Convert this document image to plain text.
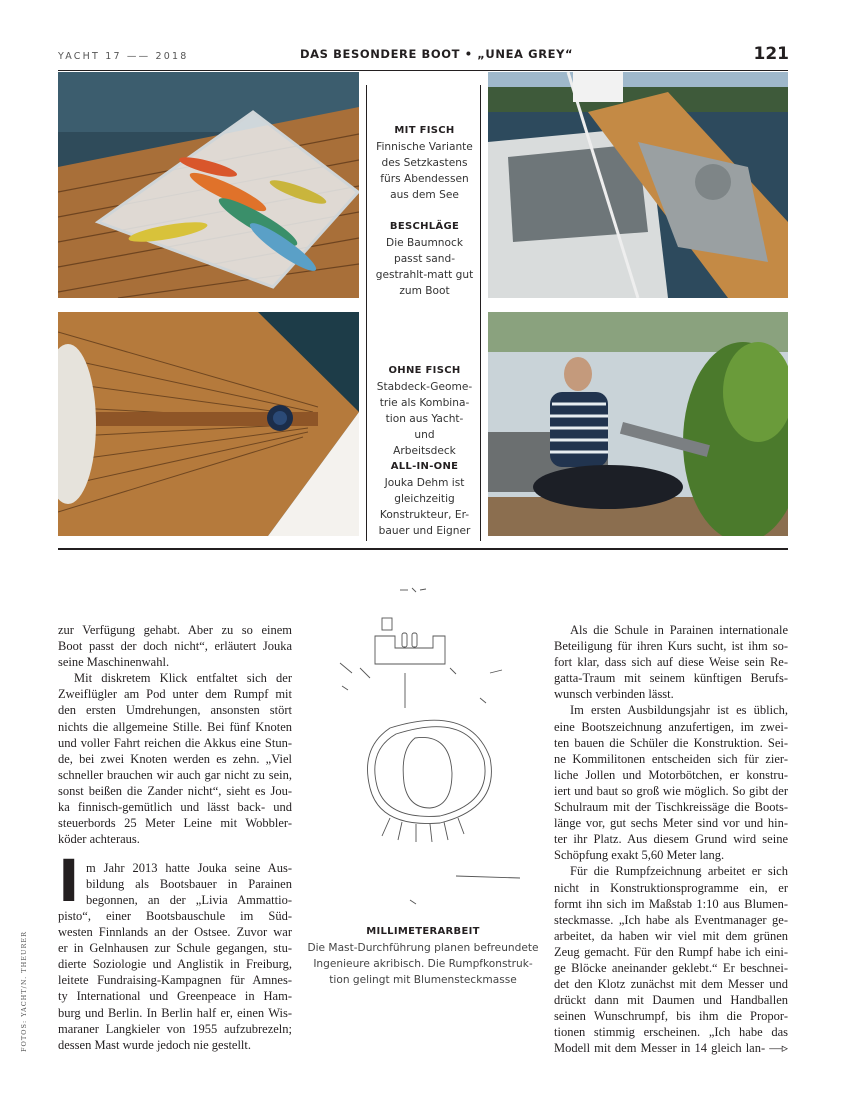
YACHT 17 —— 2018	DAS BESONDERE BOOT • „UNEA GREY“	121
MIT FISCH
Finnische Variante
des Setzkastens
fürs Abendessen
aus dem See
BESCHLÄGE
Die Baumnock
passt sand-
gestrahlt-matt gut
zum Boot
OHNE FISCH
Stabdeck-Geome-
trie als Kombina-
tion aus Yacht- und
Arbeitsdeck
ALL-IN-ONE
Jouka Dehm ist
gleichzeitig
Konstrukteur, Er-
bauer und Eigner

zur Verfügung gehabt. Aber zu so einem

Boot passt der doch nicht“, erläutert Jouka

seine Maschinenwahl.

Mit diskretem Klick entfaltet sich der

Zweiflügler am Pod unter dem Rumpf mit

den ersten Umdrehungen, ansonsten stört

nichts die allgemeine Stille. Bei fünf Knoten

und voller Fahrt reichen die Akkus eine Stun-

de, bei zwei Knoten werden es zehn. „Viel

schneller brauchen wir auch gar nicht zu sein,

sonst beißen die Zander nicht“, sieht es Jou-

ka finnisch-gemütlich und lässt back- und

steuerbords 25 Meter Leine mit Wobbler-

köder achteraus.

I m Jahr 2013 hatte Jouka seine Aus-

bildung als Bootsbauer in Parainen

begonnen, an der „Livia Ammattio-

pisto“, einer Bootsbauschule im Süd-

westen Finnlands an der Ostsee. Zuvor war

er in Gelnhausen zur Schule gegangen, stu-

dierte Soziologie und Anglistik in Freiburg,

leitete Fundraising-Kampagnen für Amnes-

ty International und Greenpeace in Ham-

burg und Berlin. In Berlin half er, einen Wis-

maraner Langkieler von 1955 aufzubrezeln;

dessen Mast wurde jedoch nie gestellt.

MILLIMETERARBEIT
Die Mast-Durchführung planen befreundete
Ingenieure akribisch. Die Rumpfkonstruk-
tion gelingt mit Blumensteckmasse

Als die Schule in Parainen internationale

Beteiligung für ihren Kurs sucht, ist ihm so-

fort klar, dass sich auf diese Weise sein Re-

gatta-Traum mit seinem künftigen Berufs-

wunsch verbinden lässt.

Im ersten Ausbildungsjahr ist es üblich,

eine Bootszeichnung anzufertigen, im zwei-

ten bauen die Schüler die Konstruktion. Sei-

ne Kommilitonen entscheiden sich für zier-

liche Jollen und Motorbötchen, er konstru-

iert und baut so groß wie möglich. So gibt der

Schulraum mit der Tischkreissäge die Boots-

länge vor, gut sechs Meter sind vor und hin-

ter ihr Platz. Aus diesem Grund wird seine

Schöpfung exakt 5,60 Meter lang.

Für die Rumpfzeichnung arbeitet er sich

nicht in Konstruktionsprogramme ein, er

formt ihn sich im Maßstab 1:10 aus Blumen-

steckmasse. „Ich habe als Eventmanager ge-

arbeitet, da haben wir viel mit dem grünen

Zeug gemacht. Für den Rumpf habe ich eini-

ge Blöcke aneinander geklebt.“ Er beschnei-

det den Klotz zunächst mit dem Messer und

drückt dann mit Daumen und Handballen

seinen Wunschrumpf, bis ihm die Propor-

tionen stimmig erscheinen. „Ich habe das

Modell mit dem Messer in 14 gleich lan- —▹

FOTOS: YACHT/N. THEURER
